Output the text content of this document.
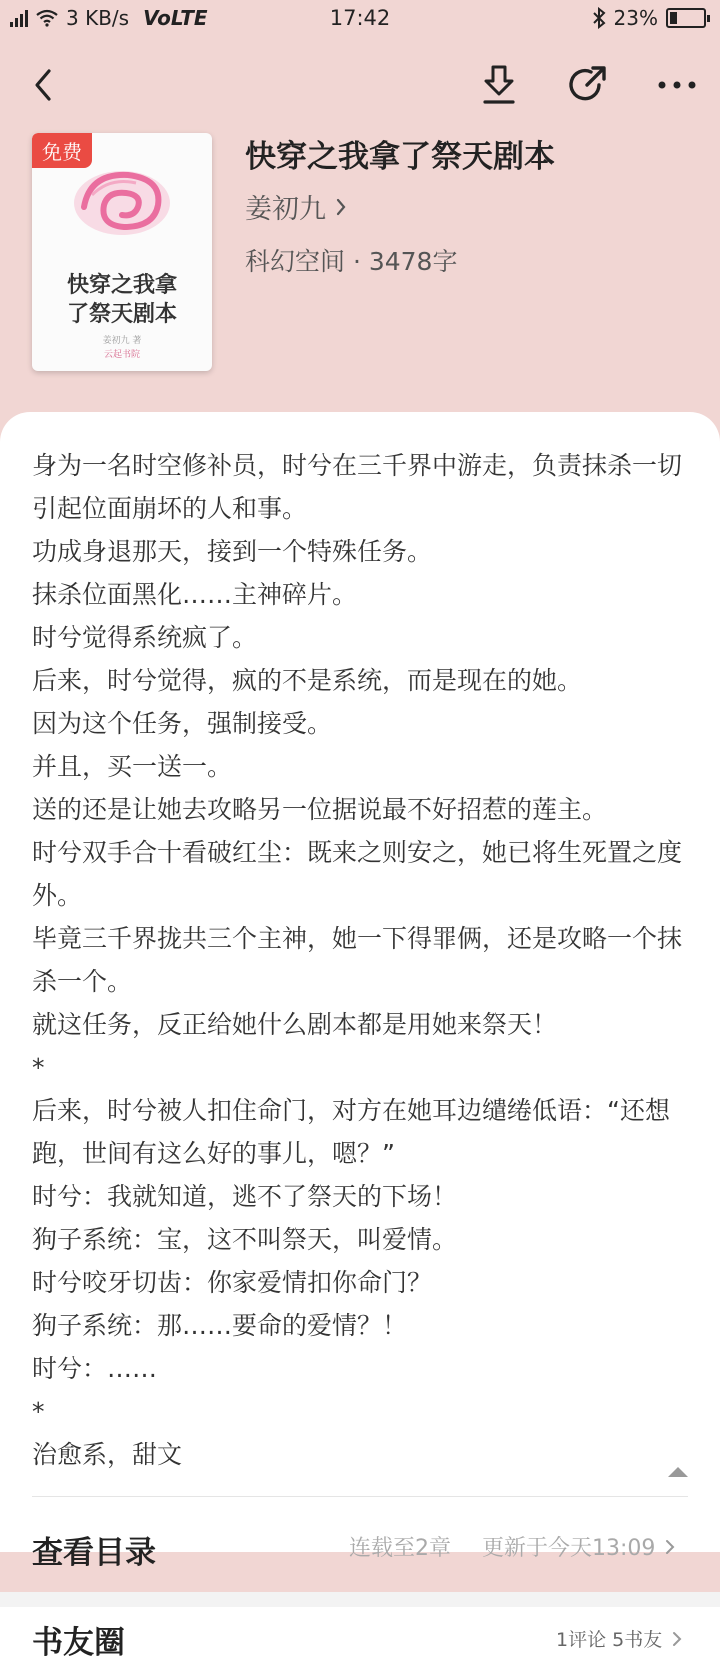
3 KB/s VoLTE	17:42	23%
免费
快穿之我拿了祭天剧本
姜初九 著
云起书院
快穿之我拿了祭天剧本
姜初九
科幻空间 · 3478字

身为一名时空修补员，时兮在三千界中游走，负责抹杀一切引起位面崩坏的人和事。

功成身退那天，接到一个特殊任务。

抹杀位面黑化……主神碎片。

时兮觉得系统疯了。

后来，时兮觉得，疯的不是系统，而是现在的她。

因为这个任务，强制接受。

并且，买一送一。

送的还是让她去攻略另一位据说最不好招惹的莲主。

时兮双手合十看破红尘：既来之则安之，她已将生死置之度外。

毕竟三千界拢共三个主神，她一下得罪俩，还是攻略一个抹杀一个。

就这任务，反正给她什么剧本都是用她来祭天！

*

后来，时兮被人扣住命门，对方在她耳边缱绻低语：“还想跑，世间有这么好的事儿，嗯？”

时兮：我就知道，逃不了祭天的下场！

狗子系统：宝，这不叫祭天，叫爱情。

时兮咬牙切齿：你家爱情扣你命门？

狗子系统：那……要命的爱情？！

时兮：……

*

治愈系，甜文

查看目录	连载至2章 更新于今天13:09
书友圈	1评论 5书友
